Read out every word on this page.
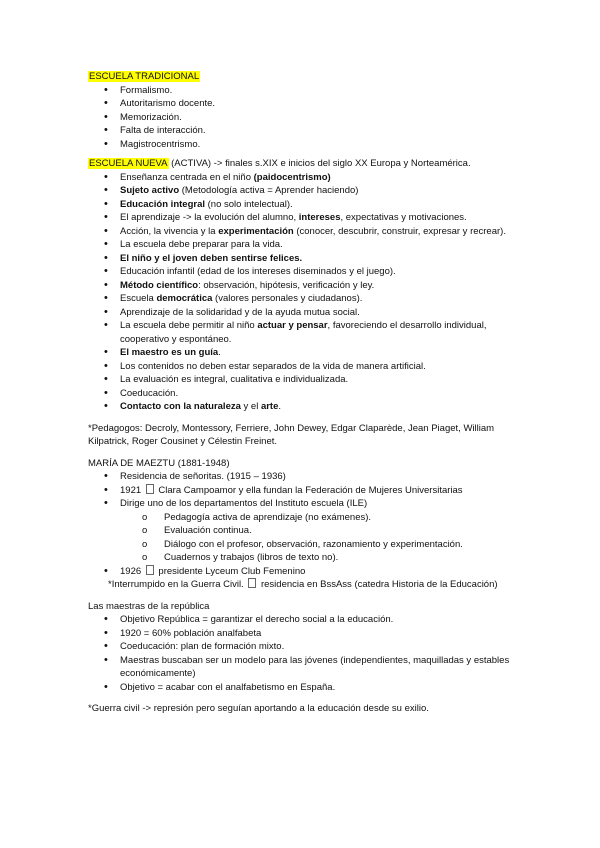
ESCUELA TRADICIONAL

• Formalismo.
• Autoritarismo docente.
• Memorización.
• Falta de interacción.
• Magistrocentrismo.

ESCUELA NUEVA (ACTIVA) -> finales s.XIX e inicios del siglo XX Europa y Norteamérica.

• Enseñanza centrada en el niño (paidocentrismo)
• Sujeto activo (Metodología activa = Aprender haciendo)
• Educación integral (no solo intelectual).
• El aprendizaje -> la evolución del alumno, intereses, expectativas y motivaciones.
• Acción, la vivencia y la experimentación (conocer, descubrir, construir, expresar y recrear).
• La escuela debe preparar para la vida.
• El niño y el joven deben sentirse felices.
• Educación infantil (edad de los intereses diseminados y el juego).
• Método científico: observación, hipótesis, verificación y ley.
• Escuela democrática (valores personales y ciudadanos).
• Aprendizaje de la solidaridad y de la ayuda mutua social.
• La escuela debe permitir al niño actuar y pensar, favoreciendo el desarrollo individual, cooperativo y espontáneo.
• El maestro es un guía.
• Los contenidos no deben estar separados de la vida de manera artificial.
• La evaluación es integral, cualitativa e individualizada.
• Coeducación.
• Contacto con la naturaleza y el arte.

*Pedagogos: Decroly, Montessory, Ferriere, John Dewey, Edgar Claparède, Jean Piaget, William Kilpatrick, Roger Cousinet y Célestin Freinet.

MARÍA DE MAEZTU (1881-1948)

• Residencia de señoritas. (1915 – 1936)
• 1921  Clara Campoamor y ella fundan la Federación de Mujeres Universitarias
• Dirige uno de los departamentos del Instituto escuela (ILE)
o Pedagogía activa de aprendizaje (no exámenes).
o Evaluación continua.
o Diálogo con el profesor, observación, razonamiento y experimentación.
o Cuadernos y trabajos (libros de texto no).
• 1926  presidente Lyceum Club Femenino

*Interrumpido en la Guerra Civil.  residencia en BssAss (catedra Historia de la Educación)

Las maestras de la república

• Objetivo República = garantizar el derecho social a la educación.
• 1920 = 60% población analfabeta
• Coeducación: plan de formación mixto.
• Maestras buscaban ser un modelo para las jóvenes (independientes, maquilladas y estables económicamente)
• Objetivo = acabar con el analfabetismo en España.

*Guerra civil -> represión pero seguían aportando a la educación desde su exilio.
